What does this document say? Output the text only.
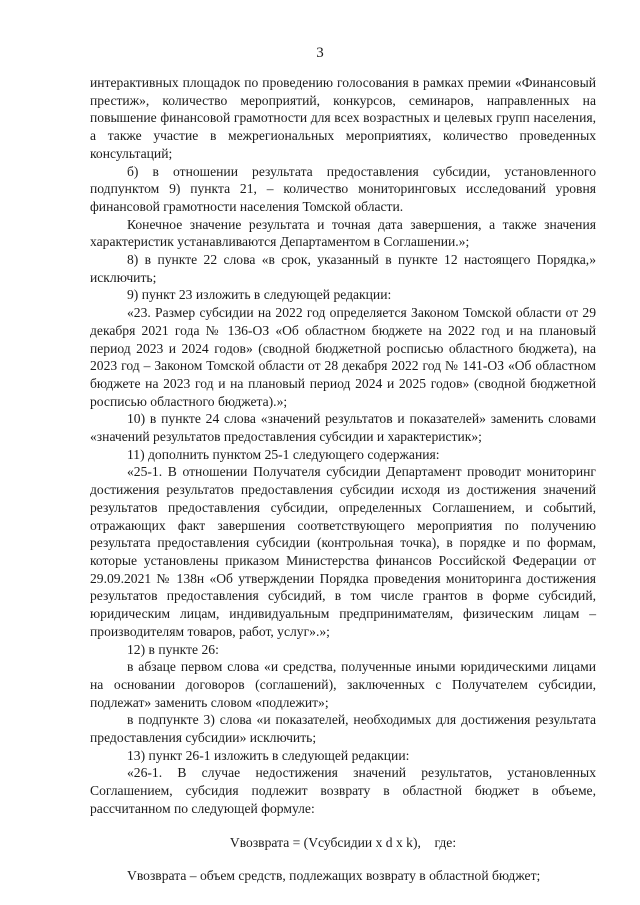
3

интерактивных площадок по проведению голосования в рамках премии «Финансовый престиж», количество мероприятий, конкурсов, семинаров, направленных на повышение финансовой грамотности для всех возрастных и целевых групп населения, а также участие в межрегиональных мероприятиях, количество проведенных консультаций;

б) в отношении результата предоставления субсидии, установленного подпунктом 9) пункта 21, – количество мониторинговых исследований уровня финансовой грамотности населения Томской области.

Конечное значение результата и точная дата завершения, а также значения характеристик устанавливаются Департаментом в Соглашении.»;

8) в пункте 22 слова «в срок, указанный в пункте 12 настоящего Порядка,» исключить;

9) пункт 23 изложить в следующей редакции:

«23. Размер субсидии на 2022 год определяется Законом Томской области от 29 декабря 2021 года № 136-ОЗ «Об областном бюджете на 2022 год и на плановый период 2023 и 2024 годов» (сводной бюджетной росписью областного бюджета), на 2023 год – Законом Томской области от 28 декабря 2022 год № 141-ОЗ «Об областном бюджете на 2023 год и на плановый период 2024 и 2025 годов» (сводной бюджетной росписью областного бюджета).»;

10) в пункте 24 слова «значений результатов и показателей» заменить словами «значений результатов предоставления субсидии и характеристик»;

11) дополнить пунктом 25-1 следующего содержания:

«25-1. В отношении Получателя субсидии Департамент проводит мониторинг достижения результатов предоставления субсидии исходя из достижения значений результатов предоставления субсидии, определенных Соглашением, и событий, отражающих факт завершения соответствующего мероприятия по получению результата предоставления субсидии (контрольная точка), в порядке и по формам, которые установлены приказом Министерства финансов Российской Федерации от 29.09.2021 № 138н «Об утверждении Порядка проведения мониторинга достижения результатов предоставления субсидий, в том числе грантов в форме субсидий, юридическим лицам, индивидуальным предпринимателям, физическим лицам – производителям товаров, работ, услуг».»;

12) в пункте 26:

в абзаце первом слова «и средства, полученные иными юридическими лицами на основании договоров (соглашений), заключенных с Получателем субсидии, подлежат» заменить словом «подлежит»;

в подпункте 3) слова «и показателей, необходимых для достижения результата предоставления субсидии» исключить;

13) пункт 26-1 изложить в следующей редакции:

«26-1. В случае недостижения значений результатов, установленных Соглашением, субсидия подлежит возврату в областной бюджет в объеме, рассчитанном по следующей формуле:

Vвозврата = (Vсубсидии x d x k),    где:

Vвозврата – объем средств, подлежащих возврату в областной бюджет;
